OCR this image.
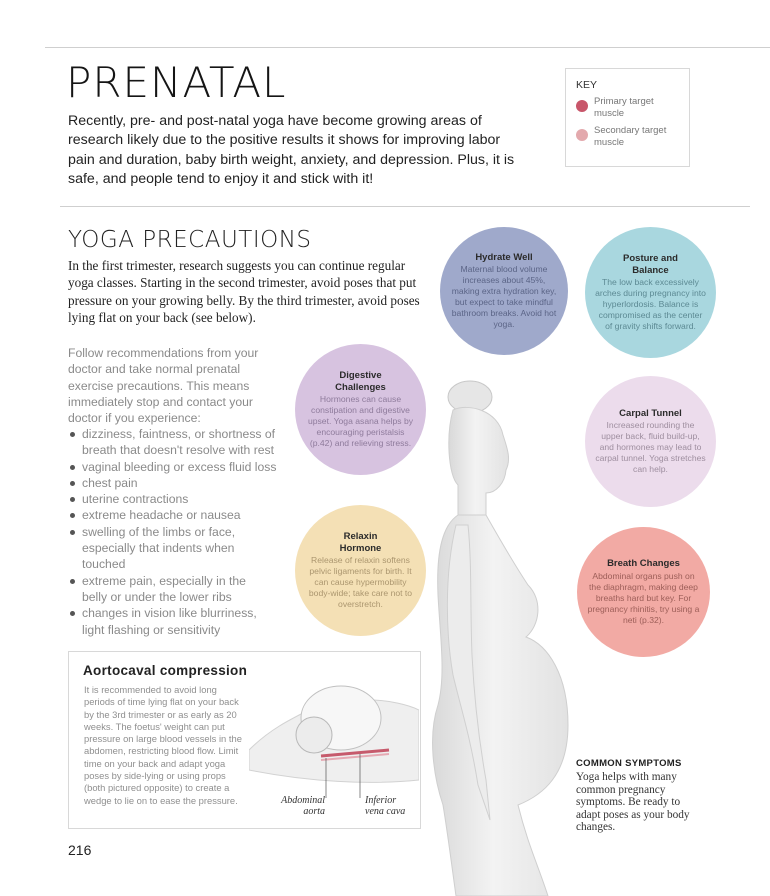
PRENATAL
Recently, pre- and post-natal yoga have become growing areas of research likely due to the positive results it shows for improving labor pain and duration, baby birth weight, anxiety, and depression. Plus, it is safe, and people tend to enjoy it and stick with it!
KEY
Primary target muscle
Secondary target muscle
YOGA PRECAUTIONS
In the first trimester, research suggests you can continue regular yoga classes. Starting in the second trimester, avoid poses that put pressure on your growing belly. By the third trimester, avoid poses lying flat on your back (see below).
Follow recommendations from your doctor and take normal prenatal exercise precautions. This means immediately stop and contact your doctor if you experience:
dizziness, faintness, or shortness of breath that doesn't resolve with rest
vaginal bleeding or excess fluid loss
chest pain
uterine contractions
extreme headache or nausea
swelling of the limbs or face, especially that indents when touched
extreme pain, especially in the belly or under the lower ribs
changes in vision like blurriness, light flashing or sensitivity
Hydrate Well
Maternal blood volume increases about 45%, making extra hydration key, but expect to take mindful bathroom breaks. Avoid hot yoga.
Posture and Balance
The low back excessively arches during pregnancy into hyperlordosis. Balance is compromised as the center of gravity shifts forward.
Digestive Challenges
Hormones can cause constipation and digestive upset. Yoga asana helps by encouraging peristalsis (p.42) and relieving stress.
Carpal Tunnel
Increased rounding the upper back, fluid build-up, and hormones may lead to carpal tunnel. Yoga stretches can help.
Relaxin Hormone
Release of relaxin softens pelvic ligaments for birth. It can cause hypermobility body-wide; take care not to overstretch.
Breath Changes
Abdominal organs push on the diaphragm, making deep breaths hard but key. For pregnancy rhinitis, try using a neti (p.32).
Aortocaval compression
It is recommended to avoid long periods of time lying flat on your back by the 3rd trimester or as early as 20 weeks. The foetus' weight can put pressure on large blood vessels in the abdomen, restricting blood flow. Limit time on your back and adapt yoga poses by side-lying or using props (both pictured opposite) to create a wedge to lie on to ease the pressure.	Abdominal aorta
Inferior vena cava
COMMON SYMPTOMS
Yoga helps with many common pregnancy symptoms. Be ready to adapt poses as your body changes.
216
